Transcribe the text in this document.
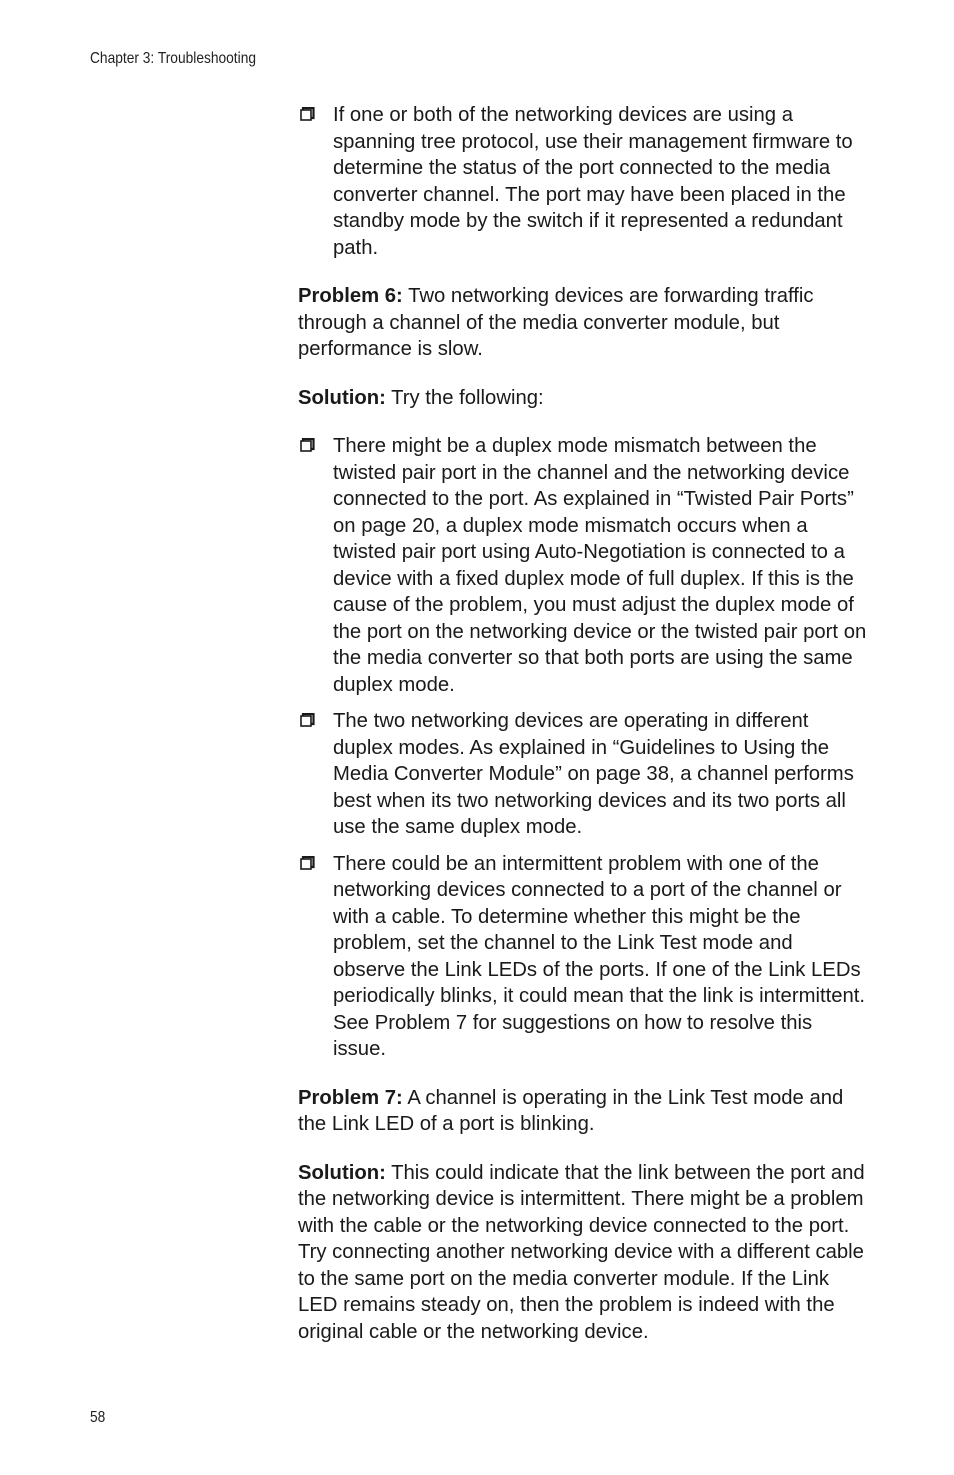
Chapter 3: Troubleshooting
If one or both of the networking devices are using a spanning tree protocol, use their management firmware to determine the status of the port connected to the media converter channel. The port may have been placed in the standby mode by the switch if it represented a redundant path.

Problem 6: Two networking devices are forwarding traffic through a channel of the media converter module, but performance is slow.

Solution: Try the following:

There might be a duplex mode mismatch between the twisted pair port in the channel and the networking device connected to the port. As explained in “Twisted Pair Ports” on page 20, a duplex mode mismatch occurs when a twisted pair port using Auto-Negotiation is connected to a device with a fixed duplex mode of full duplex. If this is the cause of the problem, you must adjust the duplex mode of the port on the networking device or the twisted pair port on the media converter so that both ports are using the same duplex mode.
The two networking devices are operating in different duplex modes. As explained in “Guidelines to Using the Media Converter Module” on page 38, a channel performs best when its two networking devices and its two ports all use the same duplex mode.
There could be an intermittent problem with one of the networking devices connected to a port of the channel or with a cable. To determine whether this might be the problem, set the channel to the Link Test mode and observe the Link LEDs of the ports. If one of the Link LEDs periodically blinks, it could mean that the link is intermittent. See Problem 7 for suggestions on how to resolve this issue.

Problem 7: A channel is operating in the Link Test mode and the Link LED of a port is blinking.

Solution: This could indicate that the link between the port and the networking device is intermittent. There might be a problem with the cable or the networking device connected to the port. Try connecting another networking device with a different cable to the same port on the media converter module. If the Link LED remains steady on, then the problem is indeed with the original cable or the networking device.

58
